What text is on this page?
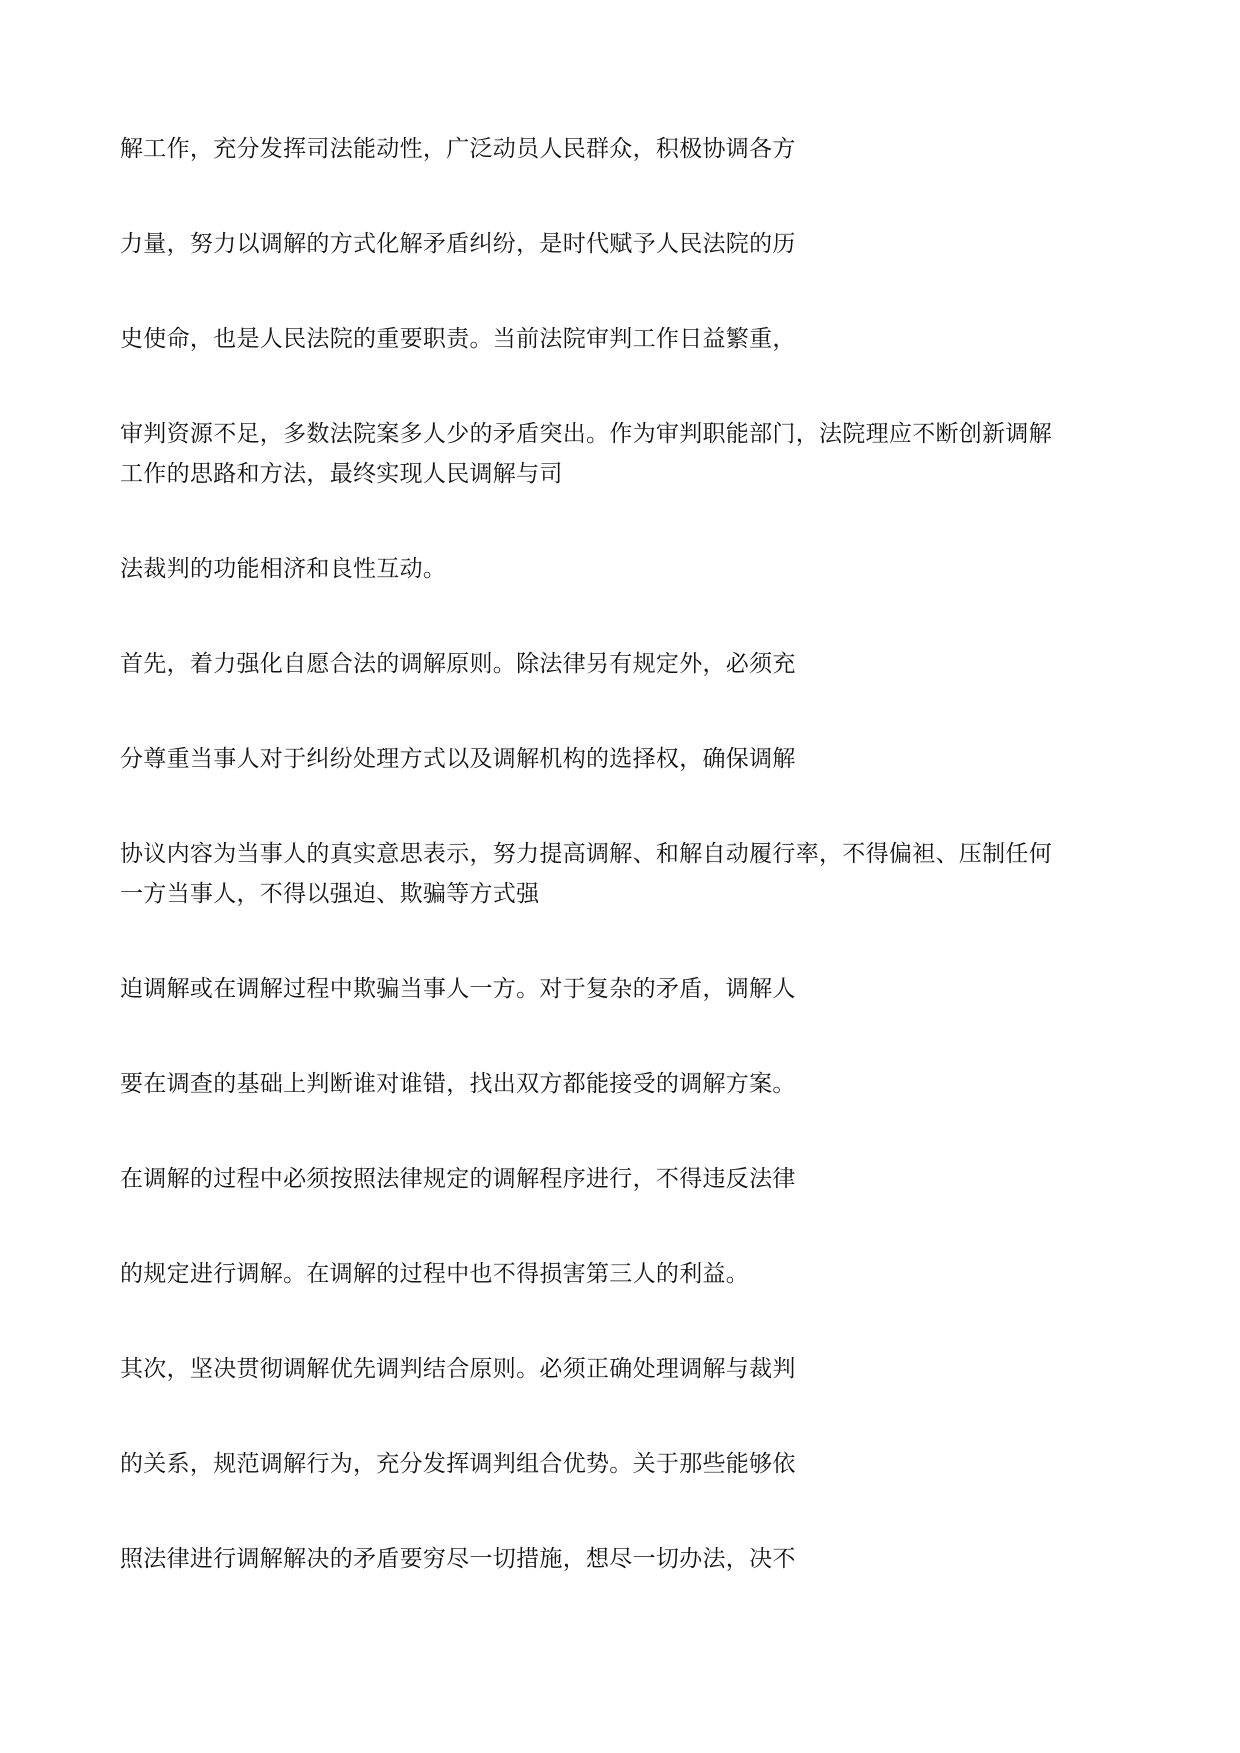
解工作，充分发挥司法能动性，广泛动员人民群众，积极协调各方

力量，努力以调解的方式化解矛盾纠纷，是时代赋予人民法院的历

史使命，也是人民法院的重要职责。当前法院审判工作日益繁重，

审判资源不足，多数法院案多人少的矛盾突出。作为审判职能部门，法院理应不断创新调解

工作的思路和方法，最终实现人民调解与司

法裁判的功能相济和良性互动。

首先，着力强化自愿合法的调解原则。除法律另有规定外，必须充

分尊重当事人对于纠纷处理方式以及调解机构的选择权，确保调解

协议内容为当事人的真实意思表示，努力提高调解、和解自动履行率，不得偏袒、压制任何

一方当事人，不得以强迫、欺骗等方式强

迫调解或在调解过程中欺骗当事人一方。对于复杂的矛盾，调解人

要在调查的基础上判断谁对谁错，找出双方都能接受的调解方案。

在调解的过程中必须按照法律规定的调解程序进行，不得违反法律

的规定进行调解。在调解的过程中也不得损害第三人的利益。

其次，坚决贯彻调解优先调判结合原则。必须正确处理调解与裁判

的关系，规范调解行为，充分发挥调判组合优势。关于那些能够依

照法律进行调解解决的矛盾要穷尽一切措施，想尽一切办法，决不
